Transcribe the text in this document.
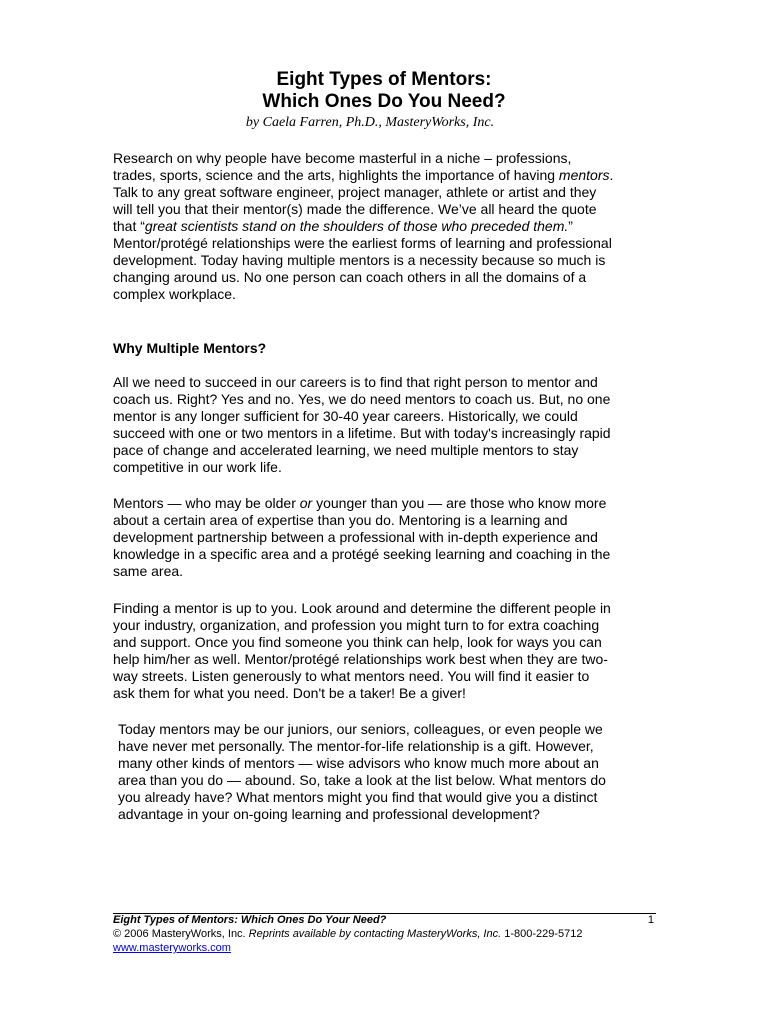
Eight Types of Mentors:
Which Ones Do You Need?
by Caela Farren, Ph.D., MasteryWorks, Inc.
Research on why people have become masterful in a niche – professions,
trades, sports, science and the arts, highlights the importance of having mentors.
Talk to any great software engineer, project manager, athlete or artist and they
will tell you that their mentor(s) made the difference. We’ve all heard the quote
that “great scientists stand on the shoulders of those who preceded them.”
Mentor/protégé relationships were the earliest forms of learning and professional
development. Today having multiple mentors is a necessity because so much is
changing around us. No one person can coach others in all the domains of a
complex workplace.
Why Multiple Mentors?
All we need to succeed in our careers is to find that right person to mentor and
coach us. Right? Yes and no. Yes, we do need mentors to coach us. But, no one
mentor is any longer sufficient for 30-40 year careers. Historically, we could
succeed with one or two mentors in a lifetime. But with today's increasingly rapid
pace of change and accelerated learning, we need multiple mentors to stay
competitive in our work life.
Mentors — who may be older or younger than you — are those who know more
about a certain area of expertise than you do. Mentoring is a learning and
development partnership between a professional with in-depth experience and
knowledge in a specific area and a protégé seeking learning and coaching in the
same area.
Finding a mentor is up to you. Look around and determine the different people in
your industry, organization, and profession you might turn to for extra coaching
and support. Once you find someone you think can help, look for ways you can
help him/her as well. Mentor/protégé relationships work best when they are two-
way streets. Listen generously to what mentors need. You will find it easier to
ask them for what you need. Don't be a taker! Be a giver!
Today mentors may be our juniors, our seniors, colleagues, or even people we
have never met personally. The mentor-for-life relationship is a gift. However,
many other kinds of mentors — wise advisors who know much more about an
area than you do — abound. So, take a look at the list below. What mentors do
you already have? What mentors might you find that would give you a distinct
advantage in your on-going learning and professional development?
Eight Types of Mentors: Which Ones Do Your Need?	1
© 2006 MasteryWorks, Inc. Reprints available by contacting MasteryWorks, Inc. 1-800-229-5712
www.masteryworks.com
